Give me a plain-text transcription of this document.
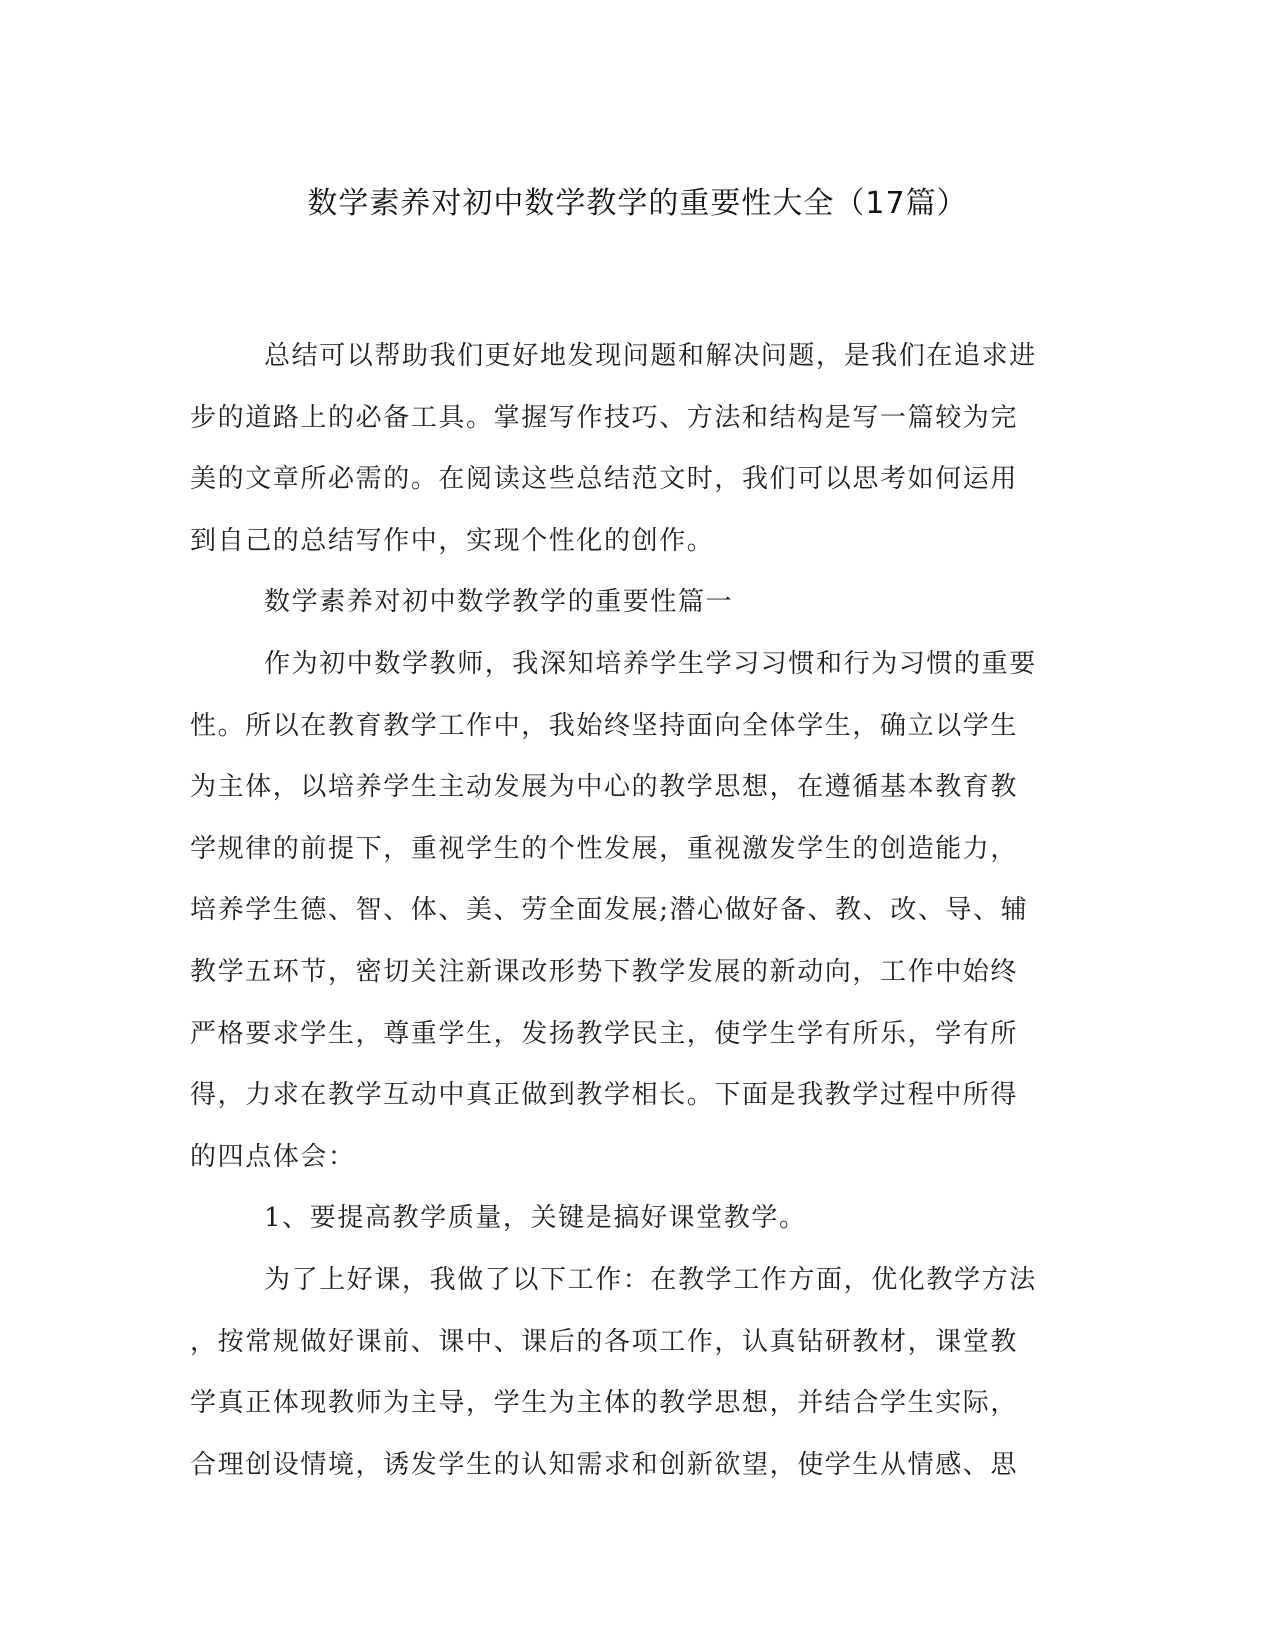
数学素养对初中数学教学的重要性大全（17篇）
总结可以帮助我们更好地发现问题和解决问题，是我们在追求进
步的道路上的必备工具。掌握写作技巧、方法和结构是写一篇较为完
美的文章所必需的。在阅读这些总结范文时，我们可以思考如何运用
到自己的总结写作中，实现个性化的创作。
数学素养对初中数学教学的重要性篇一
作为初中数学教师，我深知培养学生学习习惯和行为习惯的重要
性。所以在教育教学工作中，我始终坚持面向全体学生，确立以学生
为主体，以培养学生主动发展为中心的教学思想，在遵循基本教育教
学规律的前提下，重视学生的个性发展，重视激发学生的创造能力，
培养学生德、智、体、美、劳全面发展;潜心做好备、教、改、导、辅
教学五环节，密切关注新课改形势下教学发展的新动向，工作中始终
严格要求学生，尊重学生，发扬教学民主，使学生学有所乐，学有所
得，力求在教学互动中真正做到教学相长。下面是我教学过程中所得
的四点体会：
1、要提高教学质量，关键是搞好课堂教学。
为了上好课，我做了以下工作：在教学工作方面，优化教学方法
，按常规做好课前、课中、课后的各项工作，认真钻研教材，课堂教
学真正体现教师为主导，学生为主体的教学思想，并结合学生实际，
合理创设情境，诱发学生的认知需求和创新欲望，使学生从情感、思
